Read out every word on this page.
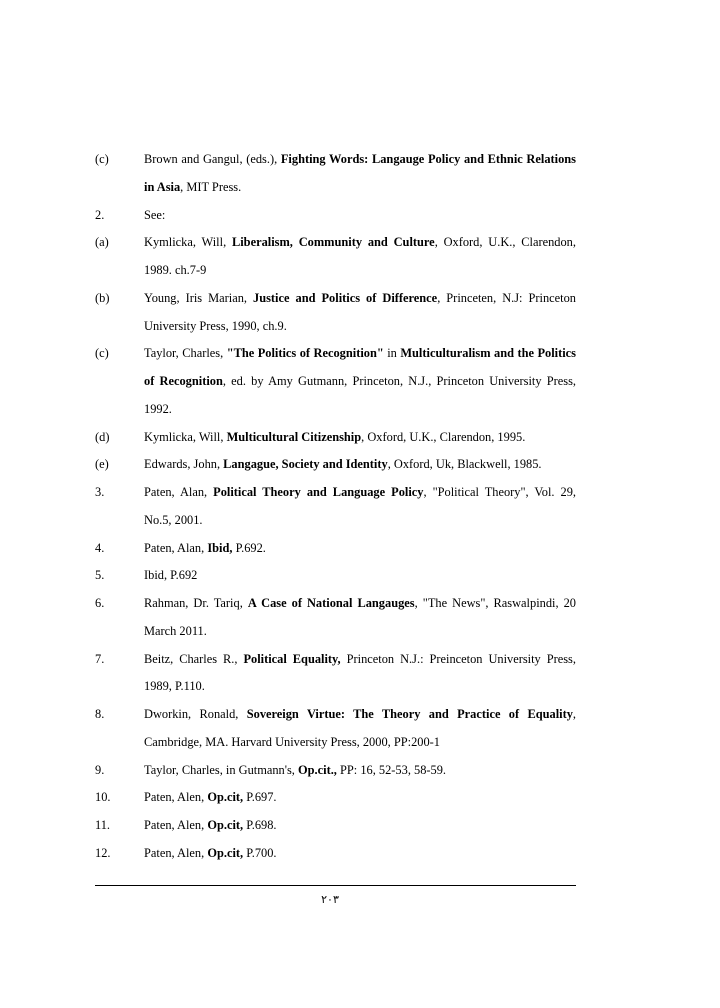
(c)	Brown and Gangul, (eds.), Fighting Words: Langauge Policy and Ethnic Relations in Asia, MIT Press.
2.	See:
(a)	Kymlicka, Will, Liberalism, Community and Culture, Oxford, U.K., Clarendon, 1989. ch.7-9
(b)	Young, Iris Marian, Justice and Politics of Difference, Princeten, N.J: Princeton University Press, 1990, ch.9.
(c)	Taylor, Charles, "The Politics of Recognition" in Multiculturalism and the Politics of Recognition, ed. by Amy Gutmann, Princeton, N.J., Princeton University Press, 1992.
(d)	Kymlicka, Will, Multicultural Citizenship, Oxford, U.K., Clarendon, 1995.
(e)	Edwards, John, Langague, Society and Identity, Oxford, Uk, Blackwell, 1985.
3.	Paten, Alan, Political Theory and Language Policy, "Political Theory", Vol. 29, No.5, 2001.
4.	Paten, Alan, Ibid, P.692.
5.	Ibid, P.692
6.	Rahman, Dr. Tariq, A Case of National Langauges, "The News", Raswalpindi, 20 March 2011.
7.	Beitz, Charles R., Political Equality, Princeton N.J.: Preinceton University Press, 1989, P.110.
8.	Dworkin, Ronald, Sovereign Virtue: The Theory and Practice of Equality, Cambridge, MA. Harvard University Press, 2000, PP:200-1
9.	Taylor, Charles, in Gutmann's, Op.cit., PP: 16, 52-53, 58-59.
10.	Paten, Alen, Op.cit, P.697.
11.	Paten, Alen, Op.cit, P.698.
12.	Paten, Alen, Op.cit, P.700.
۲۰۳
